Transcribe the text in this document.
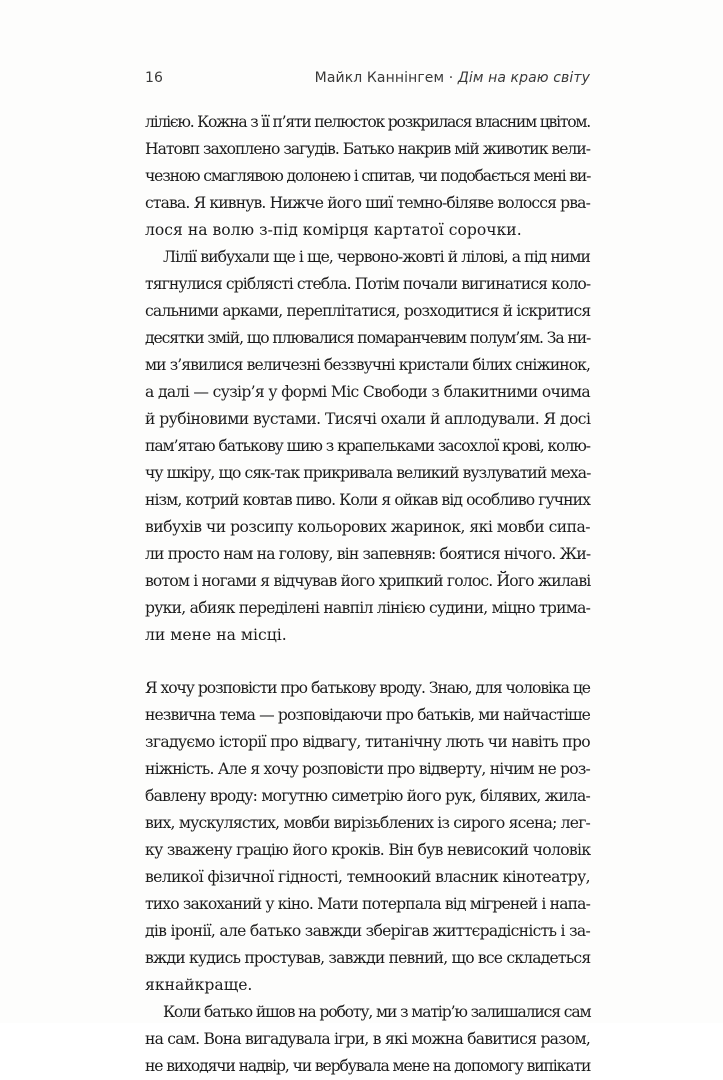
16	Майкл Каннінгем · Дім на краю світу
лілією. Кожна з її п’яти пелюсток розкрилася власним цвітом.
Натовп захоплено загудів. Батько накрив мій животик вели-
чезною смаглявою долонею і спитав, чи подобається мені ви-
става. Я кивнув. Нижче його шиї темно-біляве волосся рва-
лося на волю з-під комірця картатої сорочки.
Лілії вибухали ще і ще, червоно-жовті й лілові, а під ними
тягнулися сріблясті стебла. Потім почали вигинатися коло-
сальними арками, переплітатися, розходитися й іскритися
десятки змій, що плювалися помаранчевим полум’ям. За ни-
ми з’явилися величезні беззвучні кристали білих сніжинок,
а далі — сузір’я у формі Міс Свободи з блакитними очима
й рубіновими вустами. Тисячі охали й аплодували. Я досі
пам’ятаю батькову шию з крапельками засохлої крові, колю-
чу шкіру, що сяк-так прикривала великий вузлуватий меха-
нізм, котрий ковтав пиво. Коли я ойкав від особливо гучних
вибухів чи розсипу кольорових жаринок, які мовби сипа-
ли просто нам на голову, він запевняв: боятися нічого. Жи-
вотом і ногами я відчував його хрипкий голос. Його жилаві
руки, абияк переділені навпіл лінією судини, міцно трима-
ли мене на місці.
Я хочу розповісти про батькову вроду. Знаю, для чоловіка це
незвична тема — розповідаючи про батьків, ми найчастіше
згадуємо історії про відвагу, титанічну лють чи навіть про
ніжність. Але я хочу розповісти про відверту, нічим не роз-
бавлену вроду: могутню симетрію його рук, білявих, жила-
вих, мускулястих, мовби вирізьблених із сирого ясена; лег-
ку зважену грацію його кроків. Він був невисокий чоловік
великої фізичної гідності, темноокий власник кінотеатру,
тихо закоханий у кіно. Мати потерпала від мігреней і напа-
дів іронії, але батько завжди зберігав життєрадісність і за-
вжди кудись простував, завжди певний, що все складеться
якнайкраще.
Коли батько йшов на роботу, ми з матір’ю залишалися сам
на сам. Вона вигадувала ігри, в які можна бавитися разом,
не виходячи надвір, чи вербувала мене на допомогу випікати
